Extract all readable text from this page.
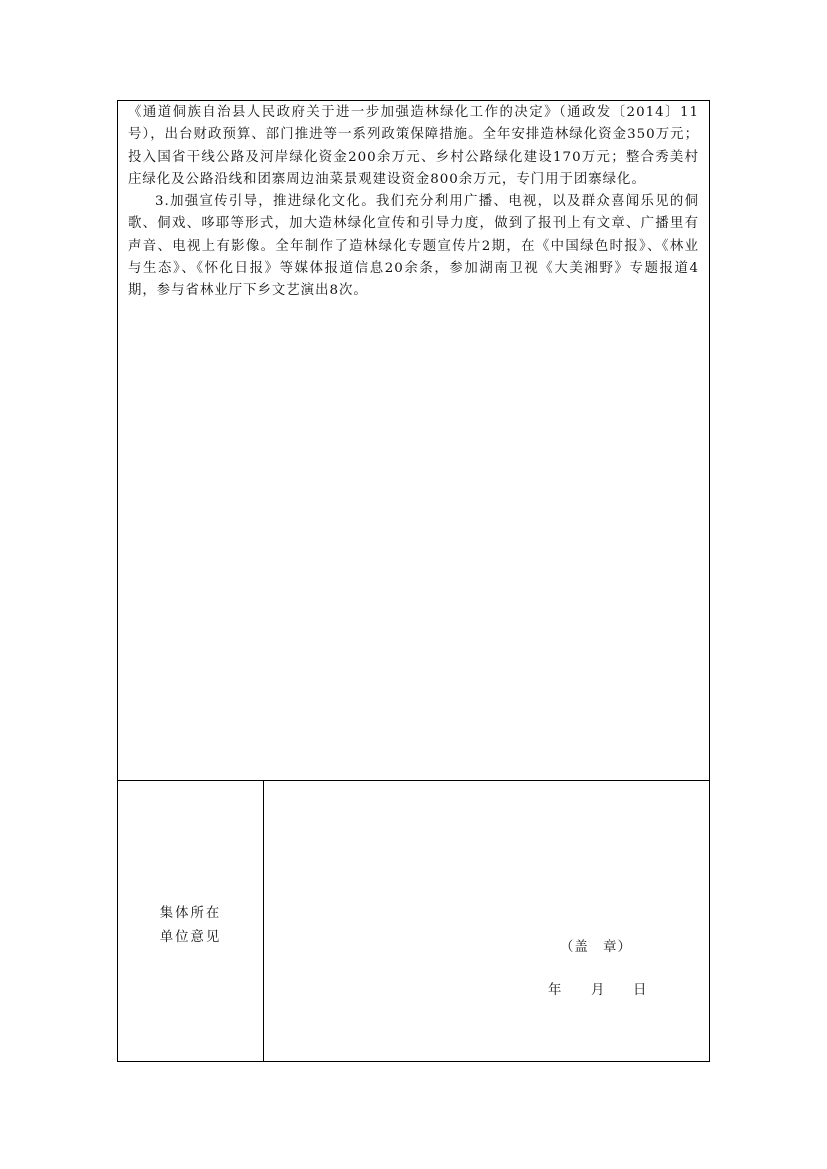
《通道侗族自治县人民政府关于进一步加强造林绿化工作的决定》（通政发〔2014〕11号），出台财政预算、部门推进等一系列政策保障措施。全年安排造林绿化资金350万元；投入国省干线公路及河岸绿化资金200余万元、乡村公路绿化建设170万元；整合秀美村庄绿化及公路沿线和团寨周边油菜景观建设资金800余万元，专门用于团寨绿化。

3.加强宣传引导，推进绿化文化。我们充分利用广播、电视，以及群众喜闻乐见的侗歌、侗戏、哆耶等形式，加大造林绿化宣传和引导力度，做到了报刊上有文章、广播里有声音、电视上有影像。全年制作了造林绿化专题宣传片2期，在《中国绿色时报》、《林业与生态》、《怀化日报》等媒体报道信息20余条，参加湖南卫视《大美湘野》专题报道4期，参与省林业厅下乡文艺演出8次。

集体所在
单位意见
（盖　章）
年 月 日
